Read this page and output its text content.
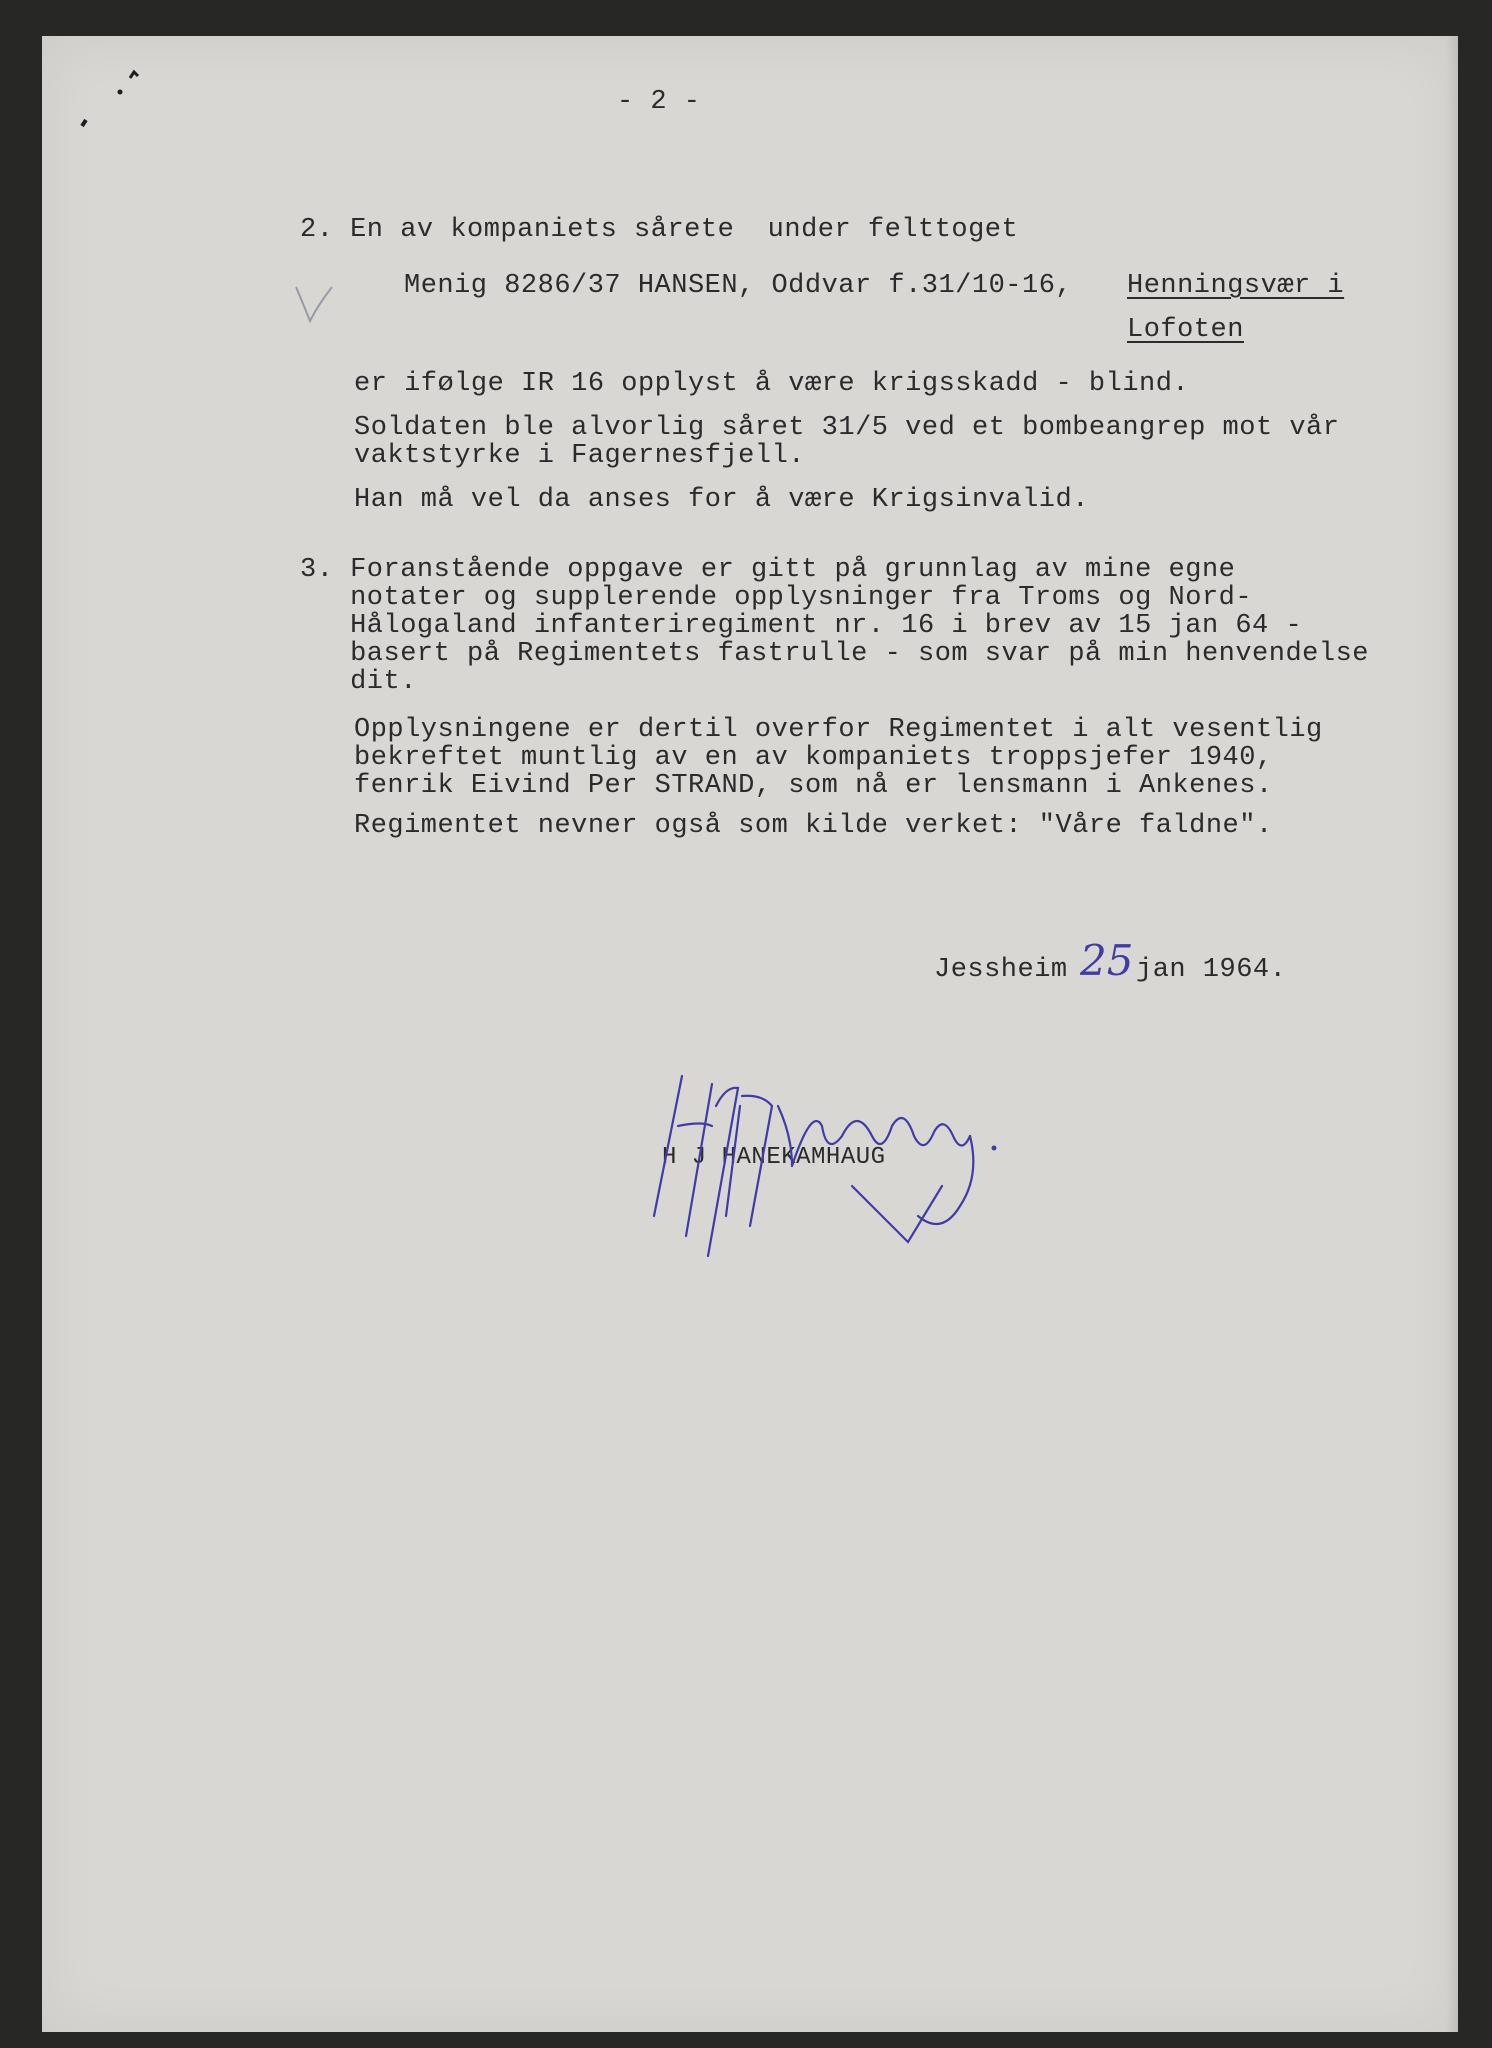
- 2 -
2. En av kompaniets sårete  under felttoget
Menig 8286/37 HANSEN, Oddvar f.31/10-16, Henningsvær i
Lofoten
er ifølge IR 16 opplyst å være krigsskadd - blind.
Soldaten ble alvorlig såret 31/5 ved et bombeangrep mot vår
vaktstyrke i Fagernesfjell.
Han må vel da anses for å være Krigsinvalid.
3. Foranstående oppgave er gitt på grunnlag av mine egne
notater og supplerende opplysninger fra Troms og Nord-
Hålogaland infanteriregiment nr. 16 i brev av 15 jan 64 -
basert på Regimentets fastrulle - som svar på min henvendelse
dit.
Opplysningene er dertil overfor Regimentet i alt vesentlig
bekreftet muntlig av en av kompaniets troppsjefer 1940,
fenrik Eivind Per STRAND, som nå er lensmann i Ankenes.
Regimentet nevner også som kilde verket: "Våre faldne".
Jessheim 25 jan 1964.
H J HANEKAMHAUG
